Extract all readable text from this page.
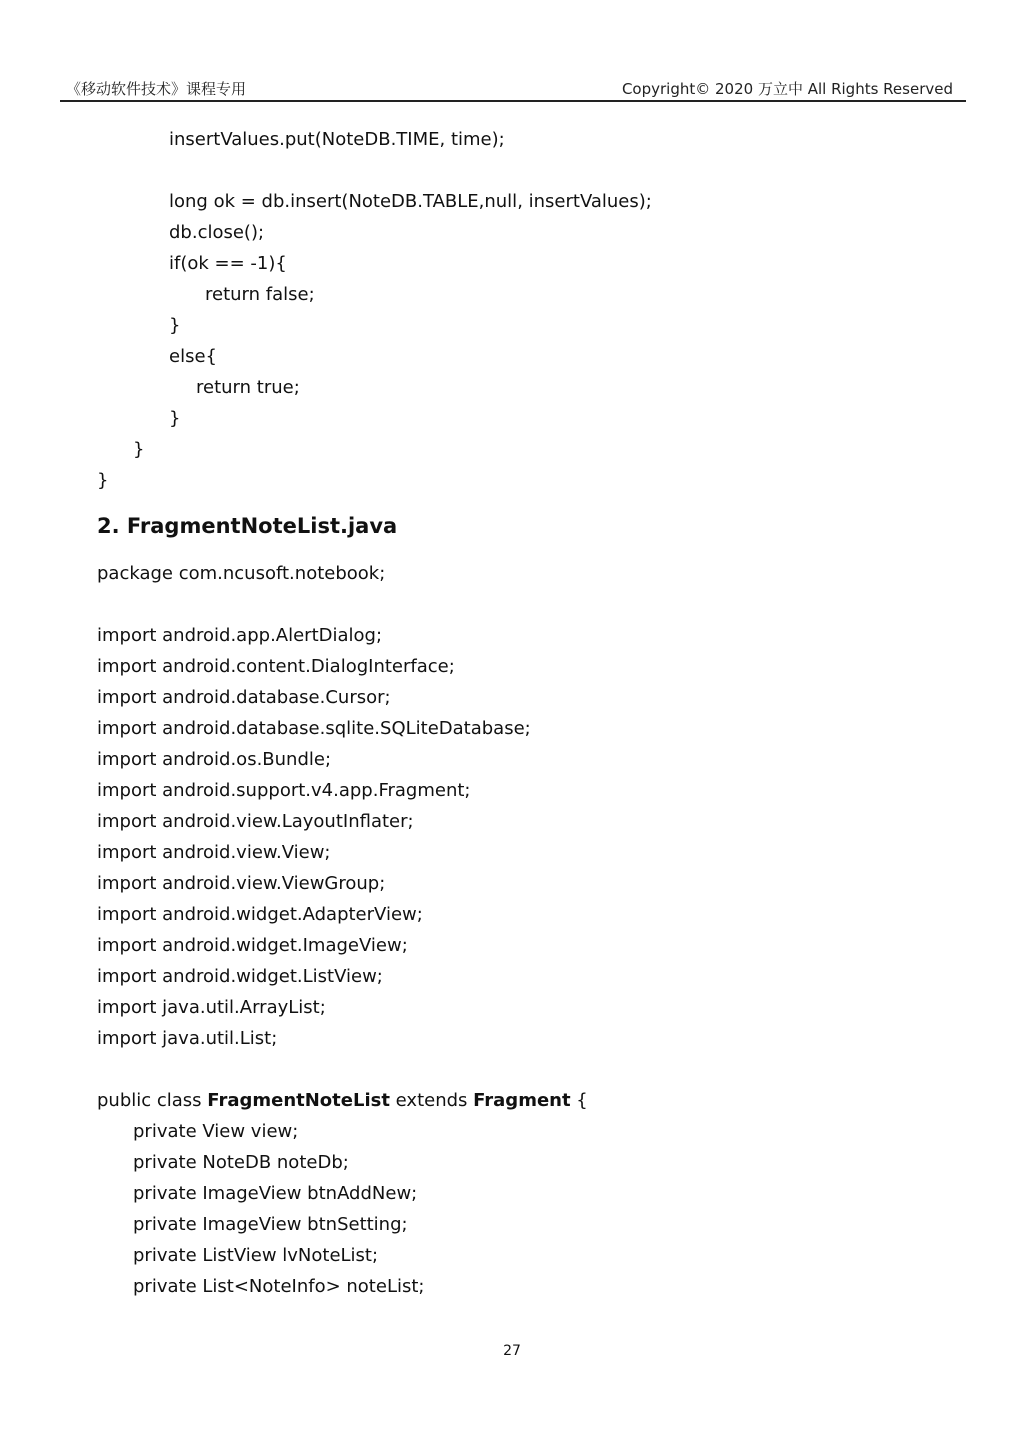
《移动软件技术》课程专用	Copyright© 2020 万立中 All Rights Reserved
insertValues.put(NoteDB.TIME, time);
long ok = db.insert(NoteDB.TABLE,null, insertValues);
db.close();
if(ok == -1){
return false;
}
else{
return true;
}
}
}
2. FragmentNoteList.java
package com.ncusoft.notebook;
import android.app.AlertDialog;
import android.content.DialogInterface;
import android.database.Cursor;
import android.database.sqlite.SQLiteDatabase;
import android.os.Bundle;
import android.support.v4.app.Fragment;
import android.view.LayoutInflater;
import android.view.View;
import android.view.ViewGroup;
import android.widget.AdapterView;
import android.widget.ImageView;
import android.widget.ListView;
import java.util.ArrayList;
import java.util.List;
public class FragmentNoteList extends Fragment {
private View view;
private NoteDB noteDb;
private ImageView btnAddNew;
private ImageView btnSetting;
private ListView lvNoteList;
private List<NoteInfo> noteList;
27
